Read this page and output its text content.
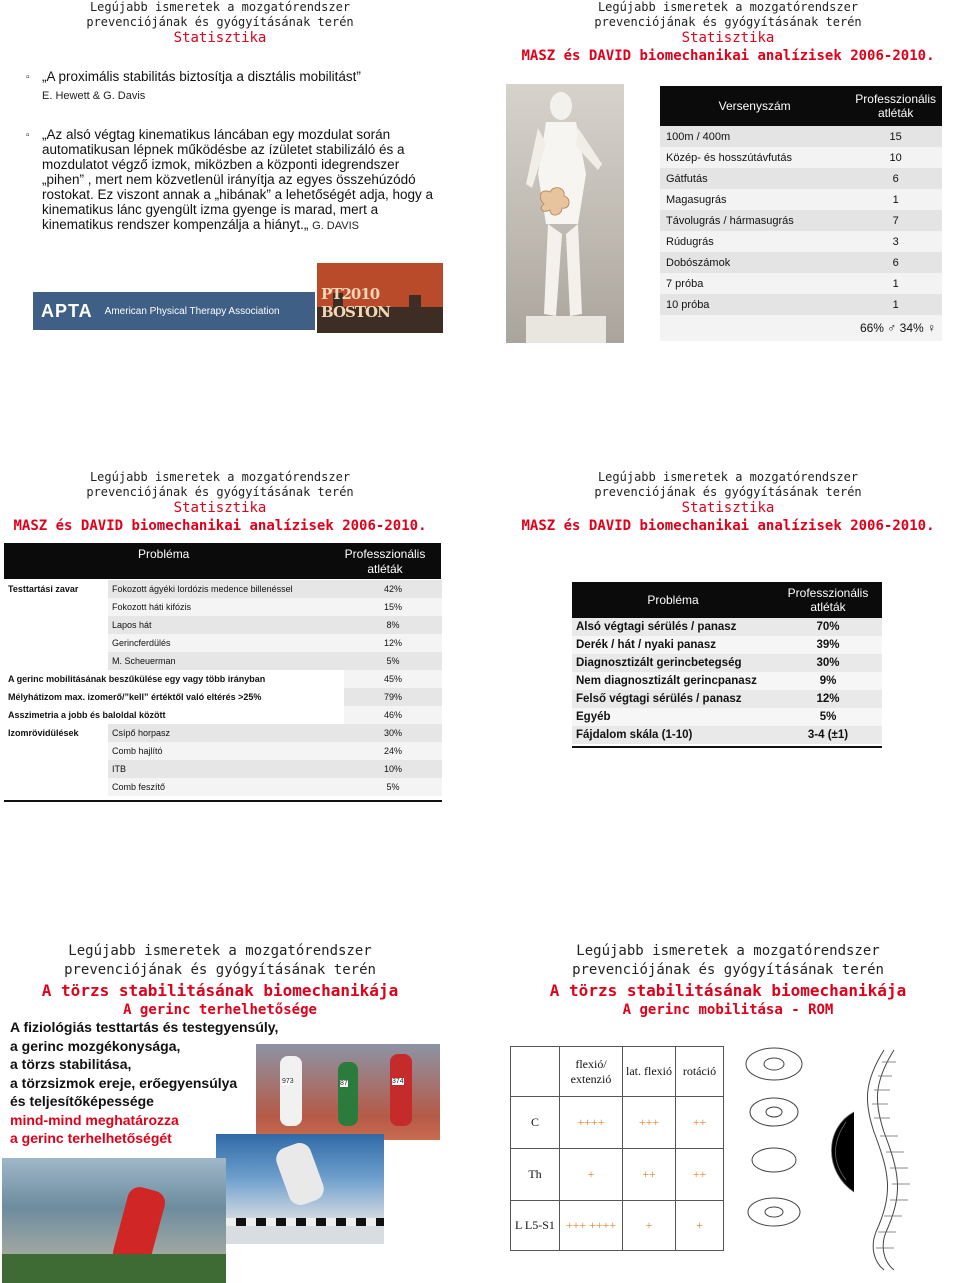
Legújabb ismeretek a mozgatórendszer
prevenciójának és gyógyításának terén
Statisztika
▫ „A proximális stabilitás biztosítja a disztális mobilitást”
E. Hewett & G. Davis
▫ „Az alsó végtag kinematikus láncában egy mozdulat során automatikusan lépnek működésbe az ízületet stabilizáló és a mozdulatot végző izmok, miközben a központi idegrendszer „pihen” , mert nem közvetlenül irányítja az egyes összehúzódó rostokat. Ez viszont annak a „hibának” a lehetőségét adja, hogy a kinematikus lánc gyengült izma gyenge is marad, mert a kinematikus rendszer kompenzálja a hiányt.„ G. DAVIS
APTA American Physical Therapy Association
PT2010 BOSTON
Legújabb ismeretek a mozgatórendszer
prevenciójának és gyógyításának terén
Statisztika
MASZ és DAVID biomechanikai analízisek 2006-2010.
Versenyszám	Professzionális atléták
100m / 400m	15
Közép- és hosszútávfutás	10
Gátfutás	6
Magasugrás	1
Távolugrás / hármasugrás	7
Rúdugrás	3
Dobószámok	6
7 próba	1
10 próba	1
	66% ♂ 34% ♀
Legújabb ismeretek a mozgatórendszer
prevenciójának és gyógyításának terén
Statisztika
MASZ és DAVID biomechanikai analízisek 2006-2010.
Probléma	Professzionális atléták
Testtartási zavar	Fokozott ágyéki lordózis medence billenéssel	42%
	Fokozott háti kifózis	15%
	Lapos hát	8%
	Gerincferdülés	12%
	M. Scheuerman	5%
A gerinc mobilitásának beszűkülése egy vagy több irányban		45%
Mélyhátizom max. izomerő/”kell” értéktől való eltérés >25%		79%
Asszimetria a jobb és baloldal között		46%
Izomrövidülések	Csípő horpasz	30%
	Comb hajlító	24%
	ITB	10%
	Comb feszítő	5%

Legújabb ismeretek a mozgatórendszer
prevenciójának és gyógyításának terén
Statisztika
MASZ és DAVID biomechanikai analízisek 2006-2010.
Probléma	Professzionális atléták
Alsó végtagi sérülés / panasz	70%
Derék / hát / nyaki panasz	39%
Diagnosztizált gerincbetegség	30%
Nem diagnosztizált gerincpanasz	9%
Felső végtagi sérülés / panasz	12%
Egyéb	5%
Fájdalom skála (1-10)	3-4 (±1)

Legújabb ismeretek a mozgatórendszer
prevenciójának és gyógyításának terén
A törzs stabilitásának biomechanikája
A gerinc terhelhetősége
A fiziológiás testtartás és testegyensúly,
a gerinc mozgékonysága,
a törzs stabilitása,
a törzsizmok ereje, erőegyensúlya
és teljesítőképessége
mind-mind meghatározza
a gerinc terhelhetőségét
973	87	374
Legújabb ismeretek a mozgatórendszer
prevenciójának és gyógyításának terén
A törzs stabilitásának biomechanikája
A gerinc mobilitása - ROM
	flexió/ extenzió	lat. flexió	rotáció
C	++++	+++	++
Th	+	++	++
L L5-S1	+++ ++++	+	+
